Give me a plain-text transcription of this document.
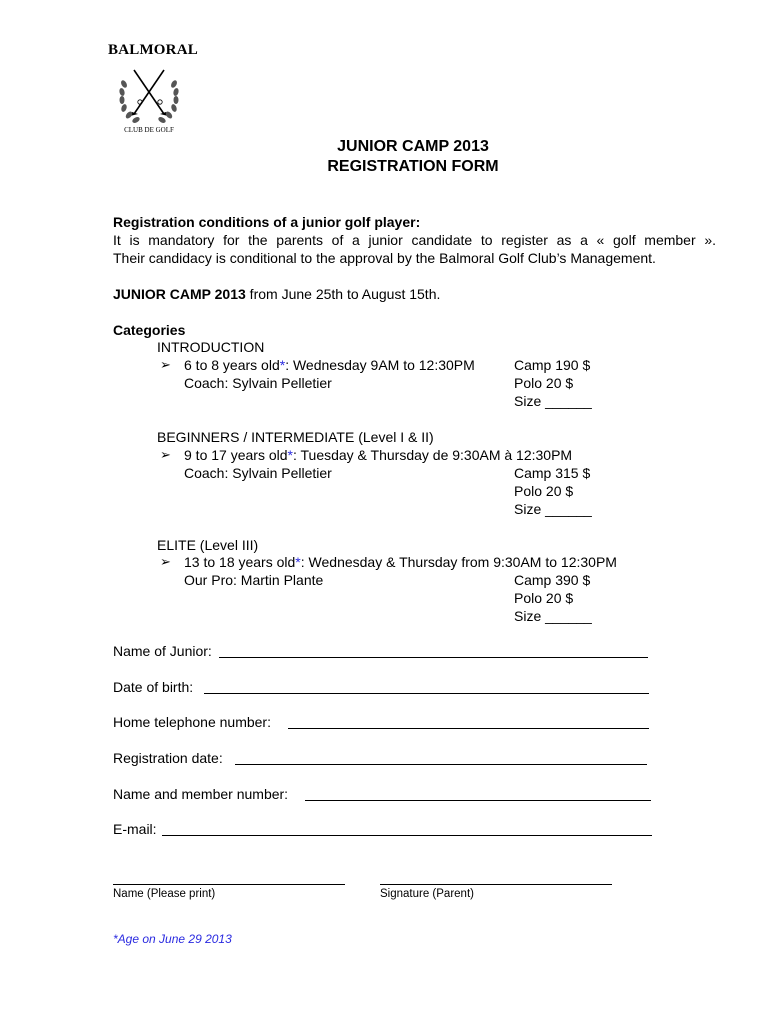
BALMORAL
CLUB DE GOLF
JUNIOR CAMP 2013
REGISTRATION FORM
Registration conditions of a junior golf player:
It is mandatory for the parents of a junior candidate to register as a « golf member ».
Their candidacy is conditional to the approval by the Balmoral Golf Club’s Management.
JUNIOR CAMP 2013 from June 25th to August 15th.
Categories
INTRODUCTION
➢ 6 to 8 years old*: Wednesday 9AM to 12:30PM	Camp 190 $
Coach: Sylvain Pelletier	Polo 20 $
Size ______
BEGINNERS / INTERMEDIATE (Level I & II)
➢ 9 to 17 years old*: Tuesday & Thursday de 9:30AM à 12:30PM
Coach: Sylvain Pelletier	Camp 315 $
Polo 20 $
Size ______
ELITE (Level III)
➢ 13 to 18 years old*: Wednesday & Thursday from 9:30AM to 12:30PM
Our Pro: Martin Plante	Camp 390 $
Polo 20 $
Size ______
Name of Junior:
Date of birth:
Home telephone number:
Registration date:
Name and member number:
E-mail:
Name (Please print)	Signature (Parent)
*Age on June 29 2013
